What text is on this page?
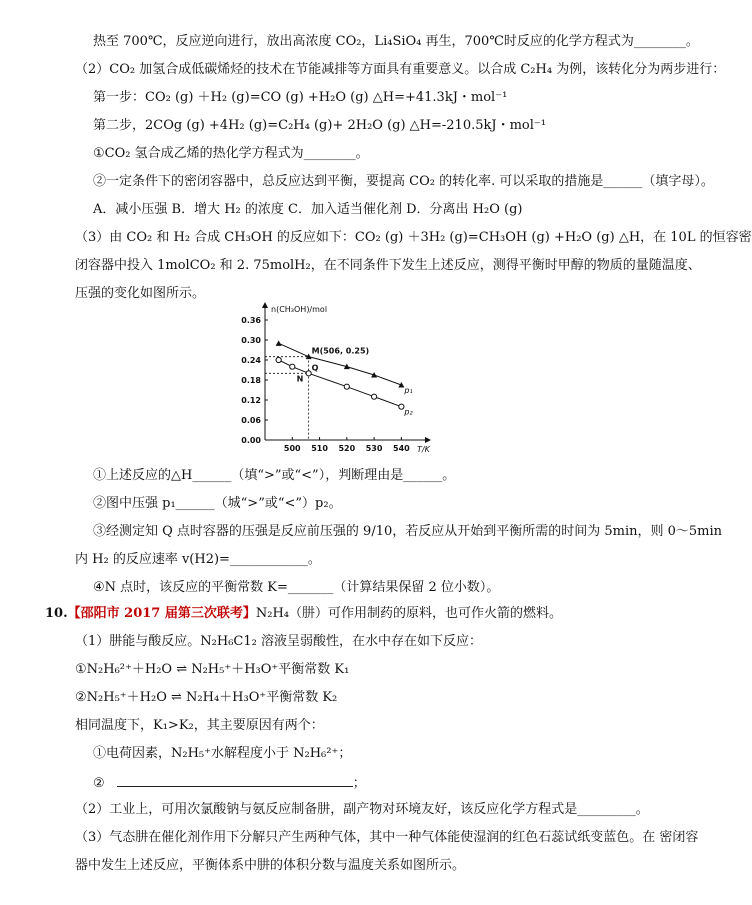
热至 700℃，反应逆向进行，放出高浓度 CO₂，Li₄SiO₄ 再生，700℃时反应的化学方程式为________。
（2）CO₂ 加氢合成低碳烯烃的技术在节能减排等方面具有重要意义。以合成 C₂H₄ 为例，该转化分为两步进行：
第一步：CO₂ (g) ＋H₂ (g)=CO (g) +H₂O (g) △H=+41.3kJ・mol⁻¹
第二步，2COg (g) +4H₂ (g)=C₂H₄ (g)+ 2H₂O (g) △H=-210.5kJ・mol⁻¹
①CO₂ 氢合成乙烯的热化学方程式为________。
②一定条件下的密闭容器中，总反应达到平衡，要提高 CO₂ 的转化率. 可以采取的措施是______（填字母）。
A．减小压强 B．增大 H₂ 的浓度 C．加入适当催化剂 D．分离出 H₂O (g)
（3）由 CO₂ 和 H₂ 合成 CH₃OH 的反应如下：CO₂ (g) ＋3H₂ (g)=CH₃OH (g) +H₂O (g) △H，在 10L 的恒容密
闭容器中投入 1molCO₂ 和 2. 75molH₂，在不同条件下发生上述反应，测得平衡时甲醇的物质的量随温度、
压强的变化如图所示。
n(CH₃OH)/mol
T/K
0.00
0.06
0.12
0.18
0.24
0.30
0.36
500 510 520 530 540
p₁
p₂
M(506, 0.25)
Q
N
①上述反应的△H______（填“>”或“<”），判断理由是______。
②图中压强 p₁______（城“>”或“<”）p₂。
③经测定知 Q 点时容器的压强是反应前压强的 9/10，若反应从开始到平衡所需的时间为 5min，则 0～5min
内 H₂ 的反应速率 v(H2)=____________。
④N 点时，该反应的平衡常数 K=_______（计算结果保留 2 位小数）。
10.【邵阳市 2017 届第三次联考】N₂H₄（肼）可作用制药的原料，也可作火箭的燃料。
（1）肼能与酸反应。N₂H₆C1₂ 溶液呈弱酸性，在水中存在如下反应：
①N₂H₆²⁺＋H₂O ⇌ N₂H₅⁺＋H₃O⁺平衡常数 K₁
②N₂H₅⁺＋H₂O ⇌ N₂H₄＋H₃O⁺平衡常数 K₂
相同温度下，K₁>K₂，其主要原因有两个：
①电荷因素，N₂H₅⁺水解程度小于 N₂H₆²⁺；
②	；
（2）工业上，可用次氯酸钠与氨反应制备肼，副产物对环境友好，该反应化学方程式是_________。
（3）气态肼在催化剂作用下分解只产生两种气体，其中一种气体能使湿润的红色石蕊试纸变蓝色。在 密闭容
器中发生上述反应，平衡体系中肼的体积分数与温度关系如图所示。
